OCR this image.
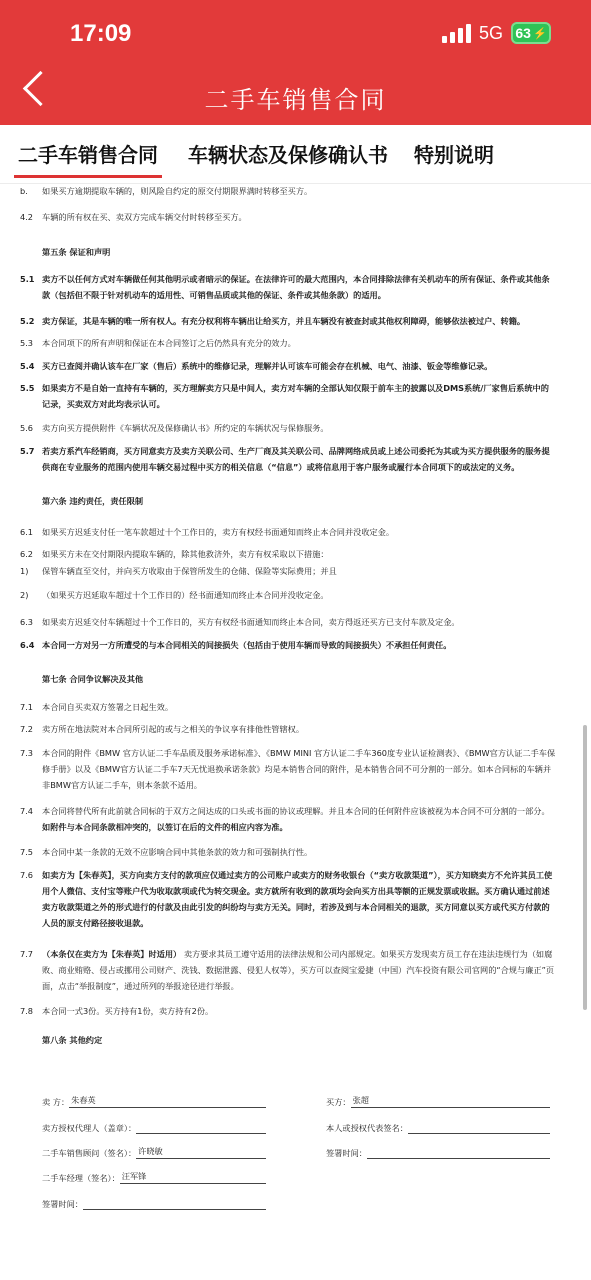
17:09	5G 63 ⚡
二手车销售合同
二手车销售合同 车辆状态及保修确认书 特别说明
b. 如果买方逾期提取车辆的，则风险自约定的原交付期限界满时转移至买方。
4.2 车辆的所有权在买、卖双方完成车辆交付时转移至买方。
第五条 保证和声明
5.1 卖方不以任何方式对车辆做任何其他明示或者暗示的保证。在法律许可的最大范围内，本合同排除法律有关机动车的所有保证、条件或其他条款（包括但不限于针对机动车的适用性、可销售品质或其他的保证、条件或其他条款）的适用。
5.2 卖方保证，其是车辆的唯一所有权人。有充分权利将车辆出让给买方，并且车辆没有被查封或其他权利障碍，能够依法被过户、转籍。
5.3 本合同项下的所有声明和保证在本合同签订之后仍然具有充分的效力。
5.4 买方已查阅并确认该车在厂家（售后）系统中的维修记录，理解并认可该车可能会存在机械、电气、油漆、钣金等维修记录。
5.5 如果卖方不是自始一直持有车辆的，买方理解卖方只是中间人，卖方对车辆的全部认知仅限于前车主的披露以及DMS系统/厂家售后系统中的记录，买卖双方对此均表示认可。
5.6 卖方向买方提供附件《车辆状况及保修确认书》所约定的车辆状况与保修服务。
5.7 若卖方系汽车经销商，买方同意卖方及卖方关联公司、生产厂商及其关联公司、品牌网络成员或上述公司委托为其或为买方提供服务的服务提供商在专业服务的范围内使用车辆交易过程中买方的相关信息（“信息”）或将信息用于客户服务或履行本合同项下的或法定的义务。
第六条 违约责任，责任限制
6.1 如果买方迟延支付任一笔车款超过十个工作日的，卖方有权经书面通知而终止本合同并没收定金。
6.2 如果买方未在交付期限内提取车辆的，除其他救济外，卖方有权采取以下措施：
1) 保管车辆直至交付，并向买方收取由于保管所发生的仓储、保险等实际费用；并且
2) （如果买方迟延取车超过十个工作日的）经书面通知而终止本合同并没收定金。
6.3 如果卖方迟延交付车辆超过十个工作日的，买方有权经书面通知而终止本合同，卖方得返还买方已支付车款及定金。
6.4 本合同一方对另一方所遭受的与本合同相关的间接损失（包括由于使用车辆而导致的间接损失）不承担任何责任。
第七条 合同争议解决及其他
7.1 本合同自买卖双方签署之日起生效。
7.2 卖方所在地法院对本合同所引起的或与之相关的争议享有排他性管辖权。
7.3 本合同的附件《BMW 官方认证二手车品质及服务承诺标准》、《BMW MINI 官方认证二手车360度专业认证检测表》、《BMW官方认证二手车保修手册》以及《BMW官方认证二手车7天无忧退换承诺条款》均是本销售合同的附件，是本销售合同不可分割的一部分。如本合同标的车辆并非BMW官方认证二手车，则本条款不适用。
7.4 本合同将替代所有此前就合同标的于双方之间达成的口头或书面的协议或理解。并且本合同的任何附件应该被视为本合同不可分割的一部分。如附件与本合同条款相冲突的，以签订在后的文件的相应内容为准。
7.5 本合同中某一条款的无效不应影响合同中其他条款的效力和可强制执行性。
7.6 如卖方为【朱春英】，买方向卖方支付的款项应仅通过卖方的公司账户或卖方的财务收银台（“卖方收款渠道”），买方知晓卖方不允许其员工使用个人微信、支付宝等账户代为收取款项或代为转交现金。卖方就所有收到的款项均会向买方出具等额的正规发票或收据。买方确认通过前述卖方收款渠道之外的形式进行的付款及由此引发的纠纷均与卖方无关。同时，若涉及到与本合同相关的退款，买方同意以买方或代买方付款的人员的原支付路径接收退款。
7.7 （本条仅在卖方为【朱春英】时适用） 卖方要求其员工遵守适用的法律法规和公司内部规定。如果买方发现卖方员工存在违法违规行为（如腐败、商业贿赂、侵占或挪用公司财产、洗钱、数据泄露、侵犯人权等），买方可以查阅宝爱捷（中国）汽车投资有限公司官网的“合规与廉正”页面，点击“举报制度”，通过所列的举报途径进行举报。
7.8 本合同一式3份。买方持有1份，卖方持有2份。
第八条 其他约定
卖 方： 朱春英	买方： 张超
卖方授权代理人（盖章）：	本人或授权代表签名：
二手车销售顾问（签名）： 许晓敏	签署时间：
二手车经理（签名）： 汪军锋
签署时间：
